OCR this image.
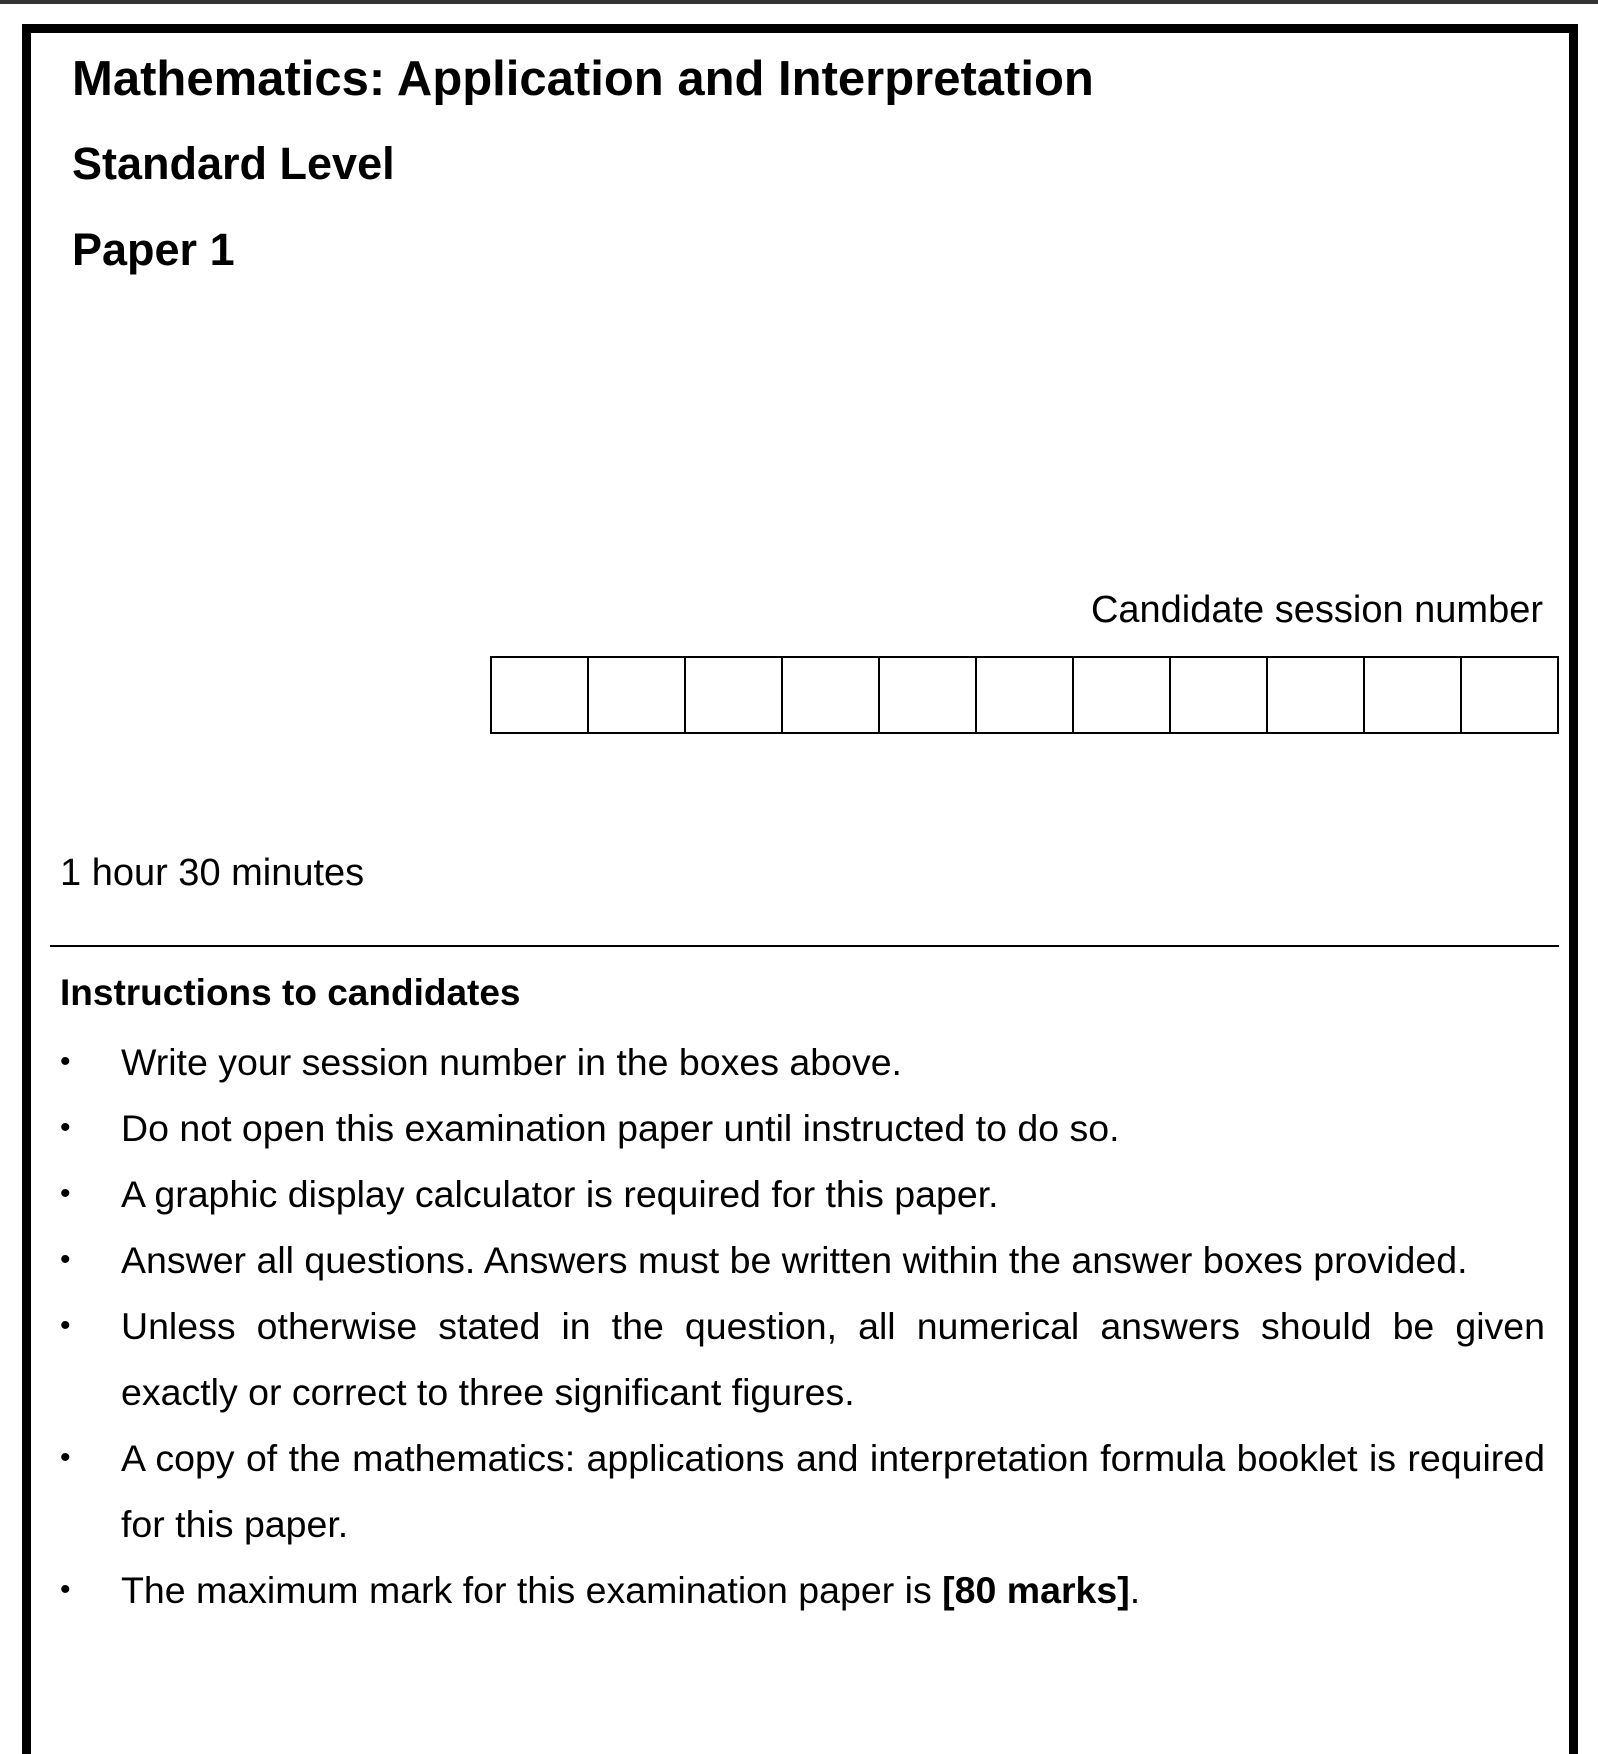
Mathematics: Application and Interpretation
Standard Level
Paper 1
Candidate session number
1 hour 30 minutes
Instructions to candidates
• Write your session number in the boxes above.
• Do not open this examination paper until instructed to do so.
• A graphic display calculator is required for this paper.
• Answer all questions. Answers must be written within the answer boxes provided.
• Unless otherwise stated in the question, all numerical answers should be given exactly or correct to three significant figures.
• A copy of the mathematics: applications and interpretation formula booklet is required for this paper.
• The maximum mark for this examination paper is [80 marks].
